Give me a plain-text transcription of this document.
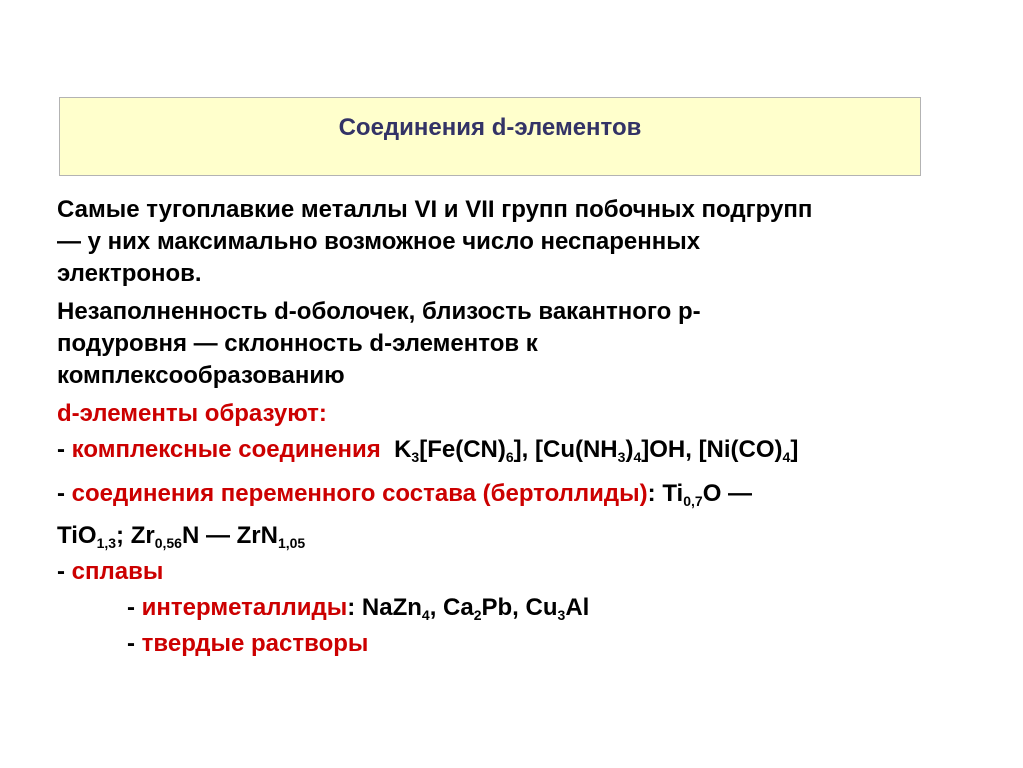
Соединения d-элементов
Самые тугоплавкие металлы VI и VII групп побочных подгрупп
— у них максимально возможное число неспаренных
электронов.
Незаполненность d-оболочек, близость вакантного р-
подуровня — склонность d-элементов к
комплексообразованию
d-элементы образуют:
- комплексные соединения $K_3[Fe(CN)_6]$, $[Cu(NH_3)_4]OH$, $[Ni(CO)_4]$
- соединения переменного состава (бертоллиды): $Ti_{0,7}O$ —
TiO$_{1,3}$; $Zr_{0,56}N$ — ZrN$_{1,05}$
- сплавы
- интерметаллиды: NaZn$_4$, $Ca_2Pb$, $Cu_3Al$
- твердые растворы
